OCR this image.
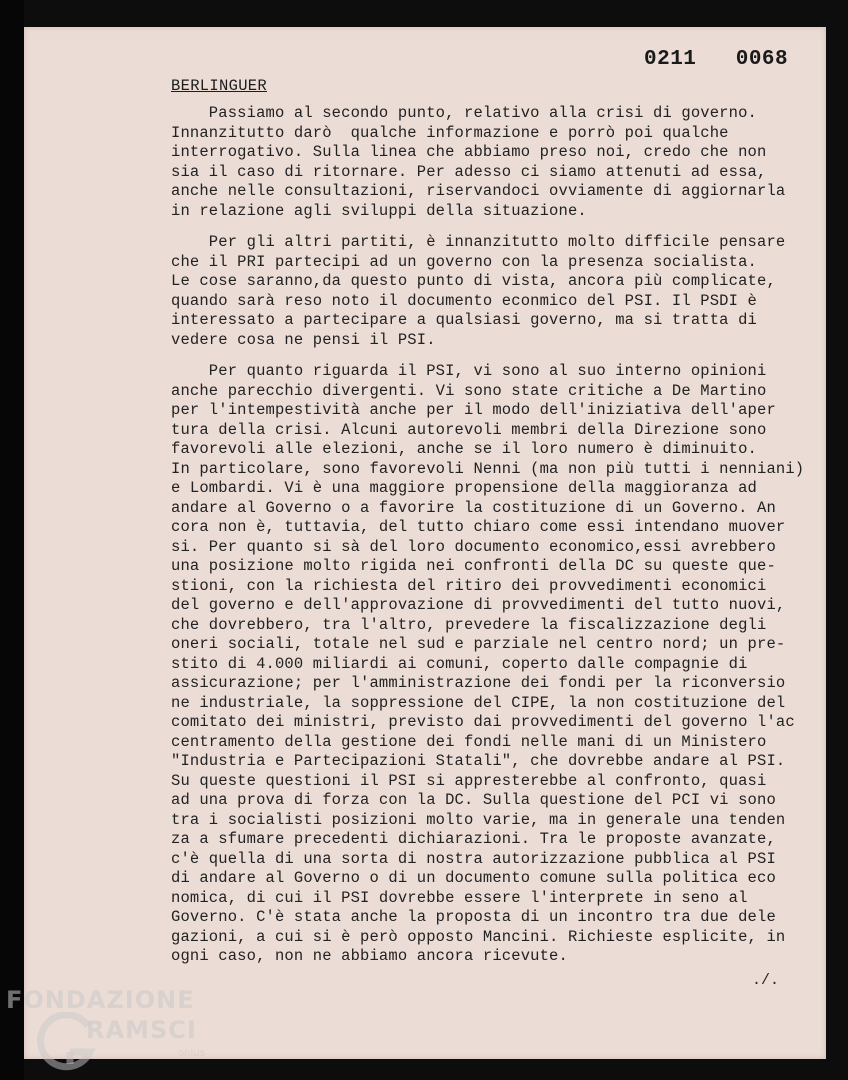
0211   0068
BERLINGUER
Passiamo al secondo punto, relativo alla crisi di governo.
Innanzitutto darò  qualche informazione e porrò poi qualche
interrogativo. Sulla linea che abbiamo preso noi, credo che non
sia il caso di ritornare. Per adesso ci siamo attenuti ad essa,
anche nelle consultazioni, riservandoci ovviamente di aggiornarla
in relazione agli sviluppi della situazione.
Per gli altri partiti, è innanzitutto molto difficile pensare
che il PRI partecipi ad un governo con la presenza socialista.
Le cose saranno,da questo punto di vista, ancora più complicate,
quando sarà reso noto il documento econmico del PSI. Il PSDI è
interessato a partecipare a qualsiasi governo, ma si tratta di
vedere cosa ne pensi il PSI.
Per quanto riguarda il PSI, vi sono al suo interno opinioni
anche parecchio divergenti. Vi sono state critiche a De Martino
per l'intempestività anche per il modo dell'iniziativa dell'aper
tura della crisi. Alcuni autorevoli membri della Direzione sono
favorevoli alle elezioni, anche se il loro numero è diminuito.
In particolare, sono favorevoli Nenni (ma non più tutti i nenniani)
e Lombardi. Vi è una maggiore propensione della maggioranza ad
andare al Governo o a favorire la costituzione di un Governo. An
cora non è, tuttavia, del tutto chiaro come essi intendano muover
si. Per quanto si sà del loro documento economico,essi avrebbero
una posizione molto rigida nei confronti della DC su queste que-
stioni, con la richiesta del ritiro dei provvedimenti economici
del governo e dell'approvazione di provvedimenti del tutto nuovi,
che dovrebbero, tra l'altro, prevedere la fiscalizzazione degli
oneri sociali, totale nel sud e parziale nel centro nord; un pre-
stito di 4.000 miliardi ai comuni, coperto dalle compagnie di
assicurazione; per l'amministrazione dei fondi per la riconversio
ne industriale, la soppressione del CIPE, la non costituzione del
comitato dei ministri, previsto dai provvedimenti del governo l'ac
centramento della gestione dei fondi nelle mani di un Ministero
"Industria e Partecipazioni Statali", che dovrebbe andare al PSI.
Su queste questioni il PSI si appresterebbe al confronto, quasi
ad una prova di forza con la DC. Sulla questione del PCI vi sono
tra i socialisti posizioni molto varie, ma in generale una tenden
za a sfumare precedenti dichiarazioni. Tra le proposte avanzate,
c'è quella di una sorta di nostra autorizzazione pubblica al PSI
di andare al Governo o di un documento comune sulla politica eco
nomica, di cui il PSI dovrebbe essere l'interprete in seno al
Governo. C'è stata anche la proposta di un incontro tra due dele
gazioni, a cui si è però opposto Mancini. Richieste esplicite, in
ogni caso, non ne abbiamo ancora ricevute.
./.
FONDAZIONE
RAMSCI
onlus
